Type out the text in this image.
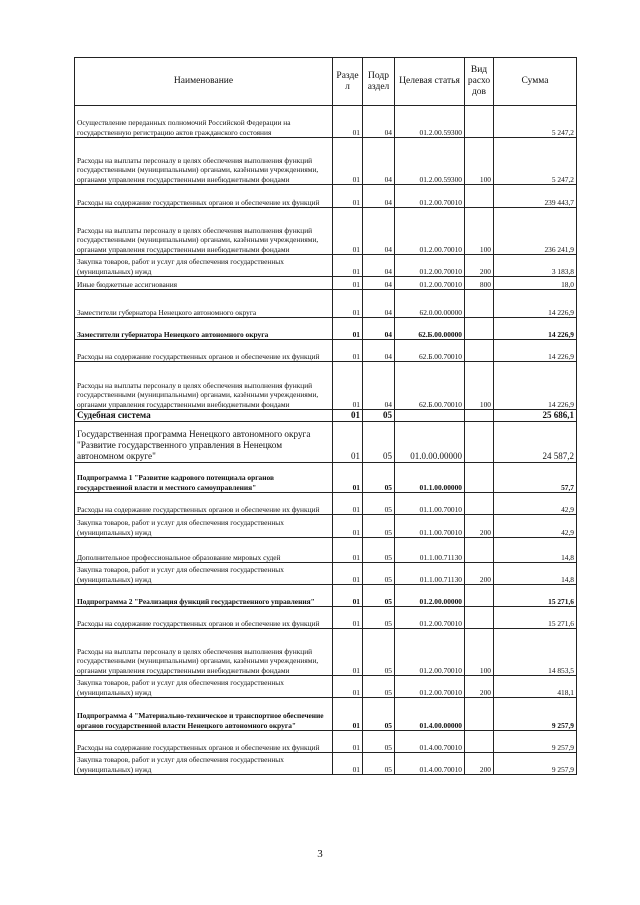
Наименование	Разде л	Подр аздел	Целевая статья	Вид расхо дов	Сумма
Осуществление переданных полномочий Российской Федерации на государственную регистрацию актов гражданского состояния	01	04	01.2.00.59300		5 247,2
Расходы на выплаты персоналу в целях обеспечения выполнения функций государственными (муниципальными) органами, казёнными учреждениями, органами управления государственными внебюджетными фондами	01	04	01.2.00.59300	100	5 247,2
Расходы на содержание государственных органов и обеспечение их функций	01	04	01.2.00.70010		239 443,7
Расходы на выплаты персоналу в целях обеспечения выполнения функций государственными (муниципальными) органами, казёнными учреждениями, органами управления государственными внебюджетными фондами	01	04	01.2.00.70010	100	236 241,9
Закупка товаров, работ и услуг для обеспечения государственных (муниципальных) нужд	01	04	01.2.00.70010	200	3 183,8
Иные бюджетные ассигнования	01	04	01.2.00.70010	800	18,0
Заместители губернатора Ненецкого автономного округа	01	04	62.0.00.00000		14 226,9
Заместители губернатора Ненецкого автономного округа	01	04	62.Б.00.00000		14 226,9
Расходы на содержание государственных органов и обеспечение их функций	01	04	62.Б.00.70010		14 226,9
Расходы на выплаты персоналу в целях обеспечения выполнения функций государственными (муниципальными) органами, казёнными учреждениями, органами управления государственными внебюджетными фондами	01	04	62.Б.00.70010	100	14 226,9
Судебная система	01	05			25 686,1
Государственная программа Ненецкого автономного округа "Развитие государственного управления в Ненецком автономном округе"	01	05	01.0.00.00000		24 587,2
Подпрограмма 1 "Развитие кадрового потенциала органов государственной власти и местного самоуправления"	01	05	01.1.00.00000		57,7
Расходы на содержание государственных органов и обеспечение их функций	01	05	01.1.00.70010		42,9
Закупка товаров, работ и услуг для обеспечения государственных (муниципальных) нужд	01	05	01.1.00.70010	200	42,9
Дополнительное профессиональное образование мировых судей	01	05	01.1.00.71130		14,8
Закупка товаров, работ и услуг для обеспечения государственных (муниципальных) нужд	01	05	01.1.00.71130	200	14,8
Подпрограмма 2 "Реализация функций государственного управления"	01	05	01.2.00.00000		15 271,6
Расходы на содержание государственных органов и обеспечение их функций	01	05	01.2.00.70010		15 271,6
Расходы на выплаты персоналу в целях обеспечения выполнения функций государственными (муниципальными) органами, казёнными учреждениями, органами управления государственными внебюджетными фондами	01	05	01.2.00.70010	100	14 853,5
Закупка товаров, работ и услуг для обеспечения государственных (муниципальных) нужд	01	05	01.2.00.70010	200	418,1
Подпрограмма 4 "Материально-техническое и транспортное обеспечение органов государственной власти Ненецкого автономного округа"	01	05	01.4.00.00000		9 257,9
Расходы на содержание государственных органов и обеспечение их функций	01	05	01.4.00.70010		9 257,9
Закупка товаров, работ и услуг для обеспечения государственных (муниципальных) нужд	01	05	01.4.00.70010	200	9 257,9
3
